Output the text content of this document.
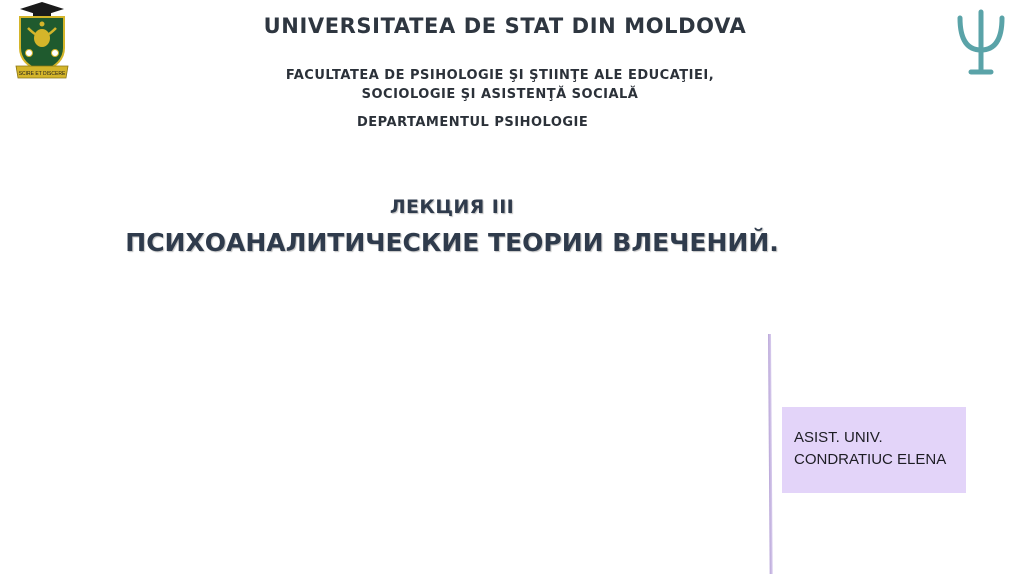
SCIRE ET DISCERE
UNIVERSITATEA DE STAT DIN MOLDOVA
FACULTATEA DE PSIHOLOGIE ŞI ŞTIINŢE ALE EDUCAŢIEI,
SOCIOLOGIE ŞI ASISTENŢĂ SOCIALĂ
DEPARTAMENTUL PSIHOLOGIE
ЛЕКЦИЯ III
ПСИХОАНАЛИТИЧЕСКИЕ ТЕОРИИ ВЛЕЧЕНИЙ.
ASIST. UNIV.
CONDRATIUC ELENA
